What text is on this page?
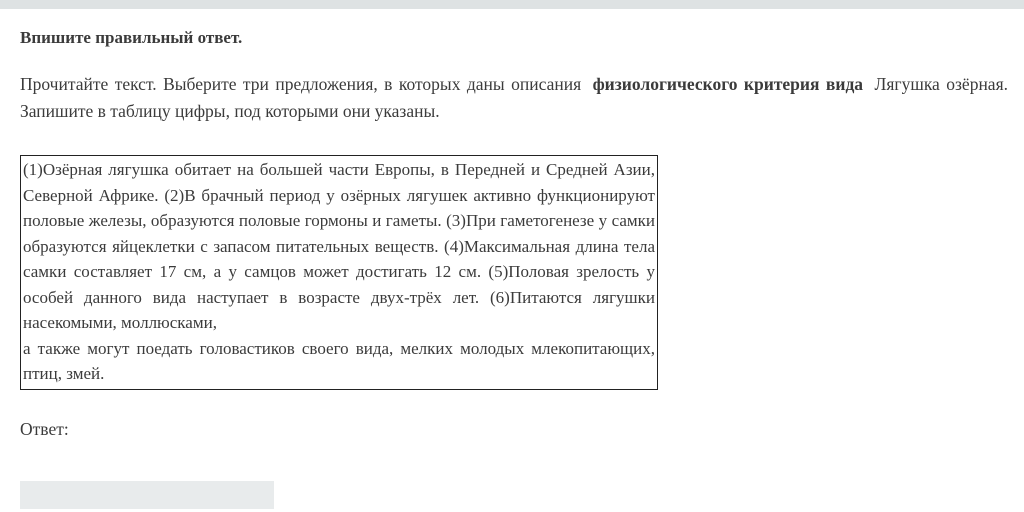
Впишите правильный ответ.

Прочитайте текст. Выберите три предложения, в которых даны описания физиологического критерия вида Лягушка озёрная. Запишите в таблицу цифры, под которыми они указаны.

(1)Озёрная лягушка обитает на большей части Европы, в Передней и Средней Азии, Северной Африке. (2)В брачный период у озёрных лягушек активно функционируют половые железы, образуются половые гормоны и гаметы. (3)При гаметогенезе у самки образуются яйцеклетки с запасом питательных веществ. (4)Максимальная длина тела самки составляет 17 см, а у самцов может достигать 12 см. (5)Половая зрелость у особей данного вида наступает в возрасте двух-трёх лет. (6)Питаются лягушки насекомыми, моллюсками,
а также могут поедать головастиков своего вида, мелких молодых млекопитающих, птиц, змей.

Ответ:
